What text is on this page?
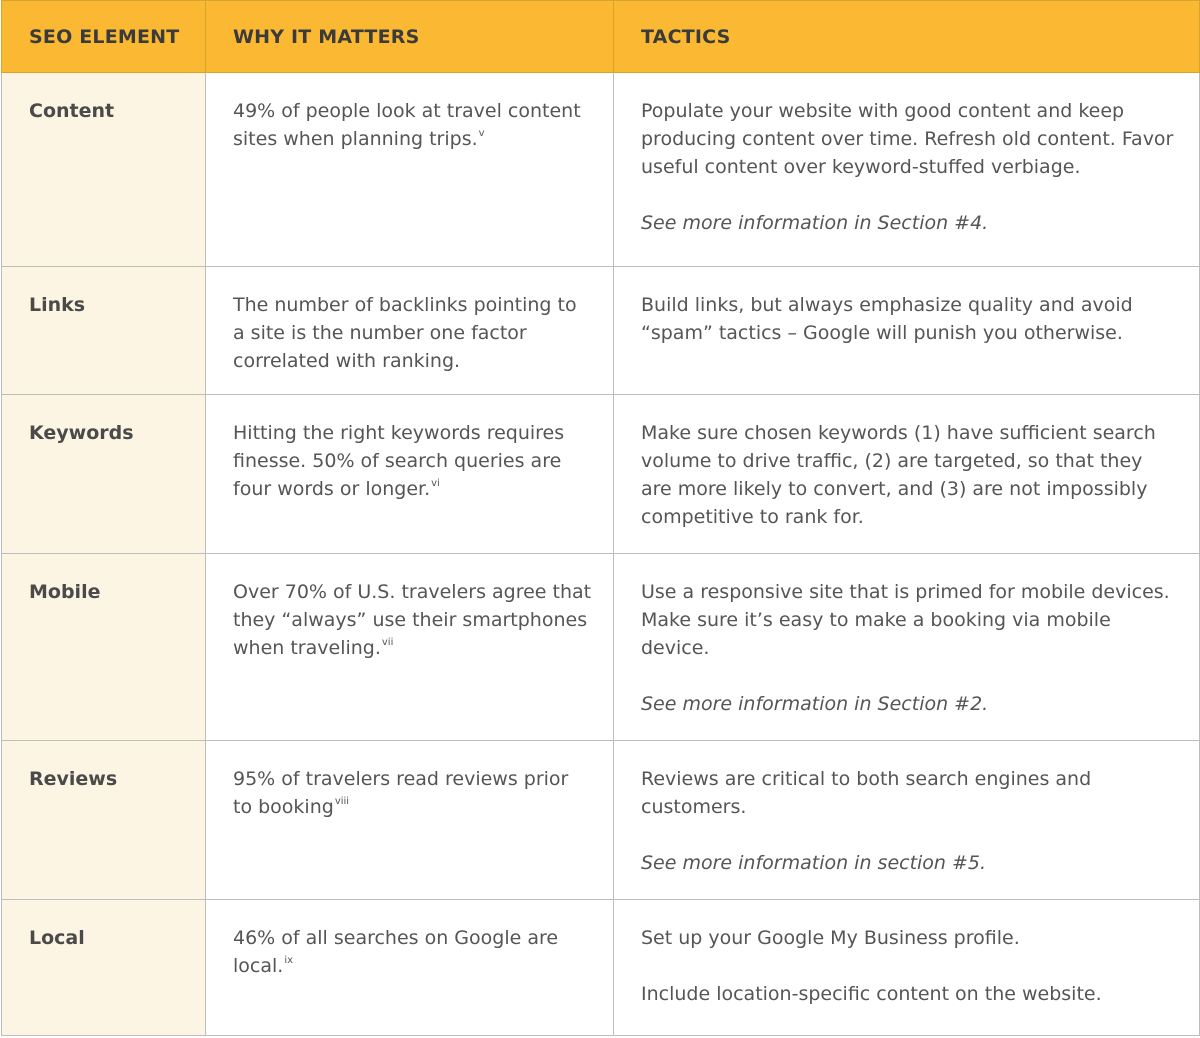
SEO ELEMENT	WHY IT MATTERS	TACTICS
Content	49% of people look at travel content sites when planning trips.$^v$	Populate your website with good content and keep producing content over time. Refresh old content. Favor useful content over keyword-stuffed verbiage.
See more information in Section #4.

Links	The number of backlinks pointing to a site is the number one factor correlated with ranking.	Build links, but always emphasize quality and avoid “spam” tactics – Google will punish you otherwise.
Keywords	Hitting the right keywords requires finesse. 50% of search queries are four words or longer.$^{vi}$	Make sure chosen keywords (1) have sufficient search volume to drive traffic, (2) are targeted, so that they are more likely to convert, and (3) are not impossibly competitive to rank for.
Mobile	Over 70% of U.S. travelers agree that they “always” use their smartphones when traveling.$^{vii}$	Use a responsive site that is primed for mobile devices. Make sure it’s easy to make a booking via mobile device.
See more information in Section #2.

Reviews	95% of travelers read reviews prior to booking$^{viii}$	Reviews are critical to both search engines and customers.
See more information in section #5.

Local	46% of all searches on Google are local.$^{ix}$	Set up your Google My Business profile.
Include location-specific content on the website.
